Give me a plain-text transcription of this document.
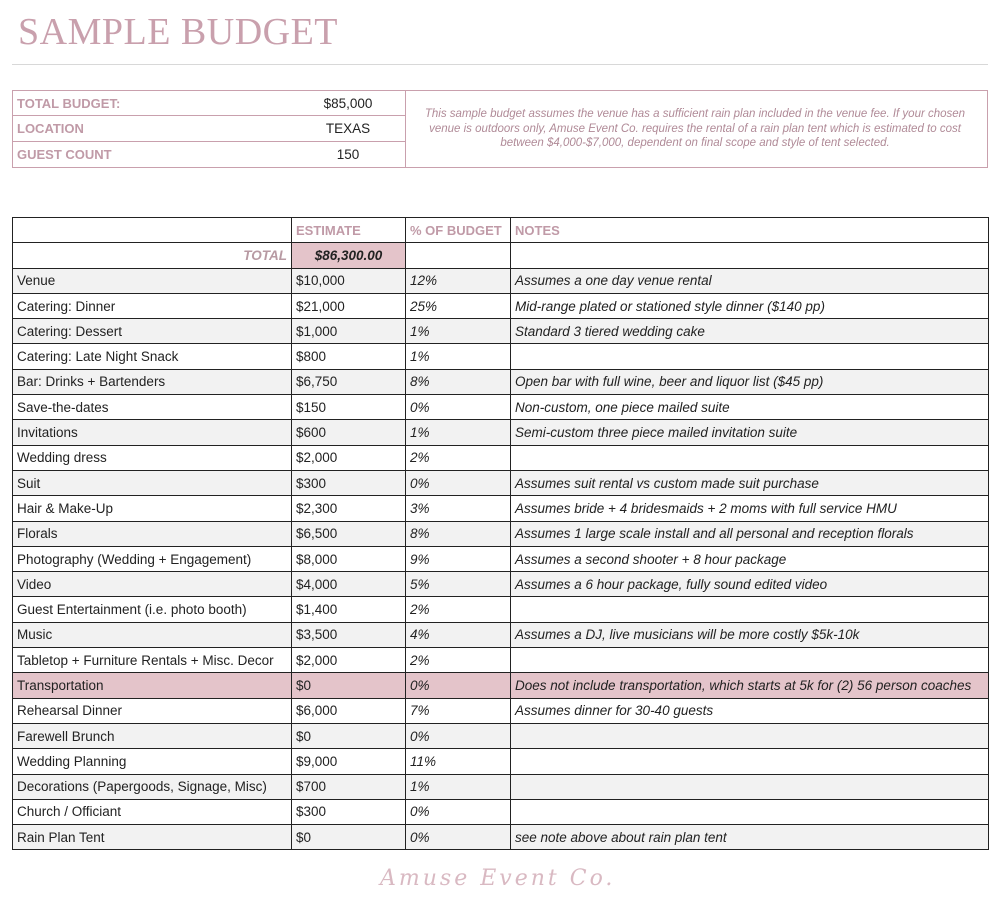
SAMPLE BUDGET
TOTAL BUDGET:	$85,000
LOCATION	TEXAS
GUEST COUNT	150
This sample budget assumes the venue has a sufficient rain plan included in the venue fee. If your chosen venue is outdoors only, Amuse Event Co. requires the rental of a rain plan tent which is estimated to cost between $4,000-$7,000, dependent on final scope and style of tent selected.
	ESTIMATE	% OF BUDGET	NOTES
TOTAL	$86,300.00		
Venue	$10,000	12%	Assumes a one day venue rental
Catering: Dinner	$21,000	25%	Mid-range plated or stationed style dinner ($140 pp)
Catering: Dessert	$1,000	1%	Standard 3 tiered wedding cake
Catering: Late Night Snack	$800	1%	
Bar: Drinks + Bartenders	$6,750	8%	Open bar with full wine, beer and liquor list ($45 pp)
Save-the-dates	$150	0%	Non-custom, one piece mailed suite
Invitations	$600	1%	Semi-custom three piece mailed invitation suite
Wedding dress	$2,000	2%	
Suit	$300	0%	Assumes suit rental vs custom made suit purchase
Hair & Make-Up	$2,300	3%	Assumes bride + 4 bridesmaids + 2 moms with full service HMU
Florals	$6,500	8%	Assumes 1 large scale install and all personal and reception florals
Photography (Wedding + Engagement)	$8,000	9%	Assumes a second shooter + 8 hour package
Video	$4,000	5%	Assumes a 6 hour package, fully sound edited video
Guest Entertainment (i.e. photo booth)	$1,400	2%	
Music	$3,500	4%	Assumes a DJ, live musicians will be more costly $5k-10k
Tabletop + Furniture Rentals + Misc. Decor	$2,000	2%	
Transportation	$0	0%	Does not include transportation, which starts at 5k for (2) 56 person coaches
Rehearsal Dinner	$6,000	7%	Assumes dinner for 30-40 guests
Farewell Brunch	$0	0%	
Wedding Planning	$9,000	11%	
Decorations (Papergoods, Signage, Misc)	$700	1%	
Church / Officiant	$300	0%	
Rain Plan Tent	$0	0%	see note above about rain plan tent
Amuse Event Co.
